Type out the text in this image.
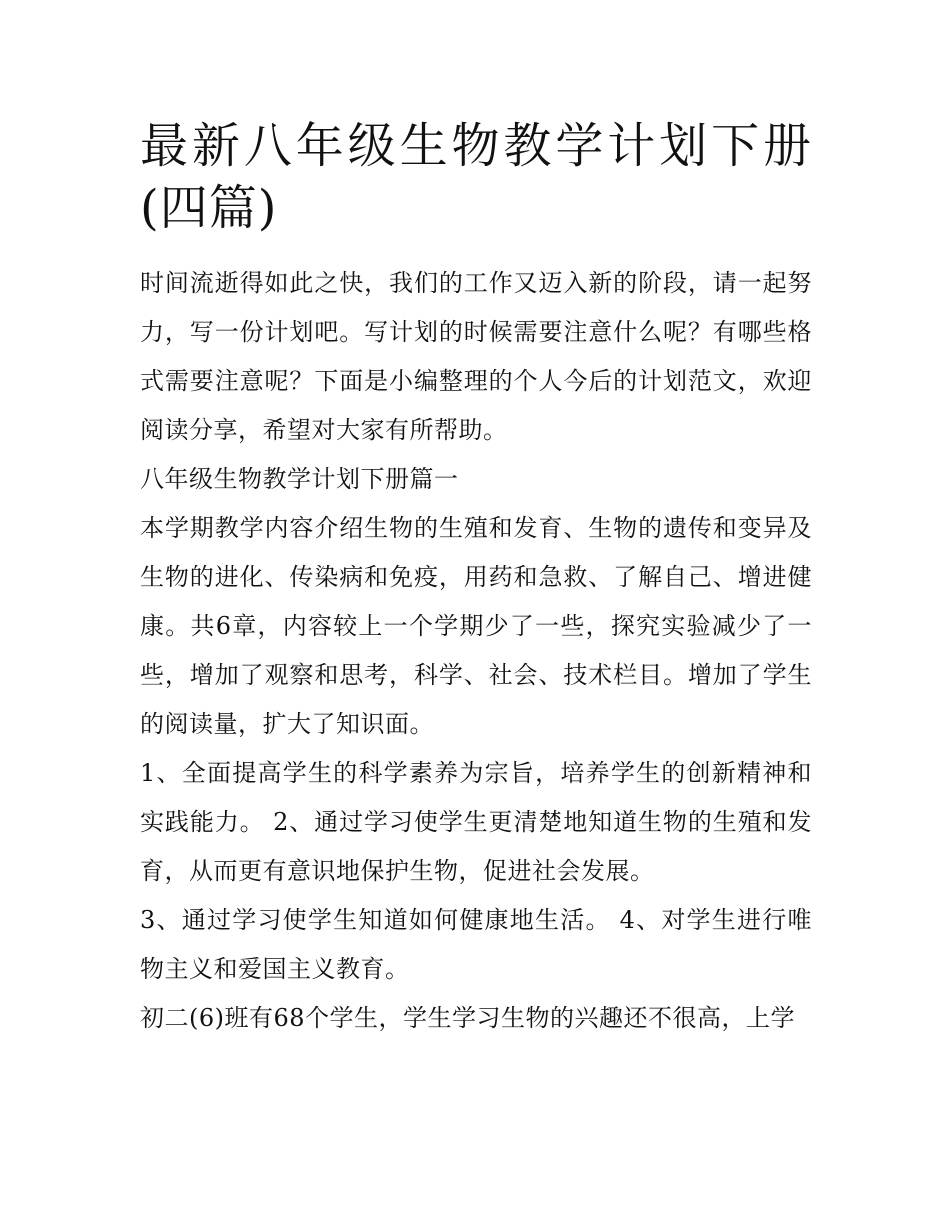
最新八年级生物教学计划下册(四篇)

时间流逝得如此之快，我们的工作又迈入新的阶段，请一起努力，写一份计划吧。写计划的时候需要注意什么呢？有哪些格式需要注意呢？下面是小编整理的个人今后的计划范文，欢迎阅读分享，希望对大家有所帮助。

八年级生物教学计划下册篇一

本学期教学内容介绍生物的生殖和发育、生物的遗传和变异及生物的进化、传染病和免疫，用药和急救、了解自己、增进健康。共6章，内容较上一个学期少了一些，探究实验减少了一些，增加了观察和思考，科学、社会、技术栏目。增加了学生的阅读量，扩大了知识面。

1、全面提高学生的科学素养为宗旨，培养学生的创新精神和实践能力。 2、通过学习使学生更清楚地知道生物的生殖和发育，从而更有意识地保护生物，促进社会发展。

3、通过学习使学生知道如何健康地生活。 4、对学生进行唯物主义和爱国主义教育。

初二(6)班有68个学生，学生学习生物的兴趣还不很高，上学
